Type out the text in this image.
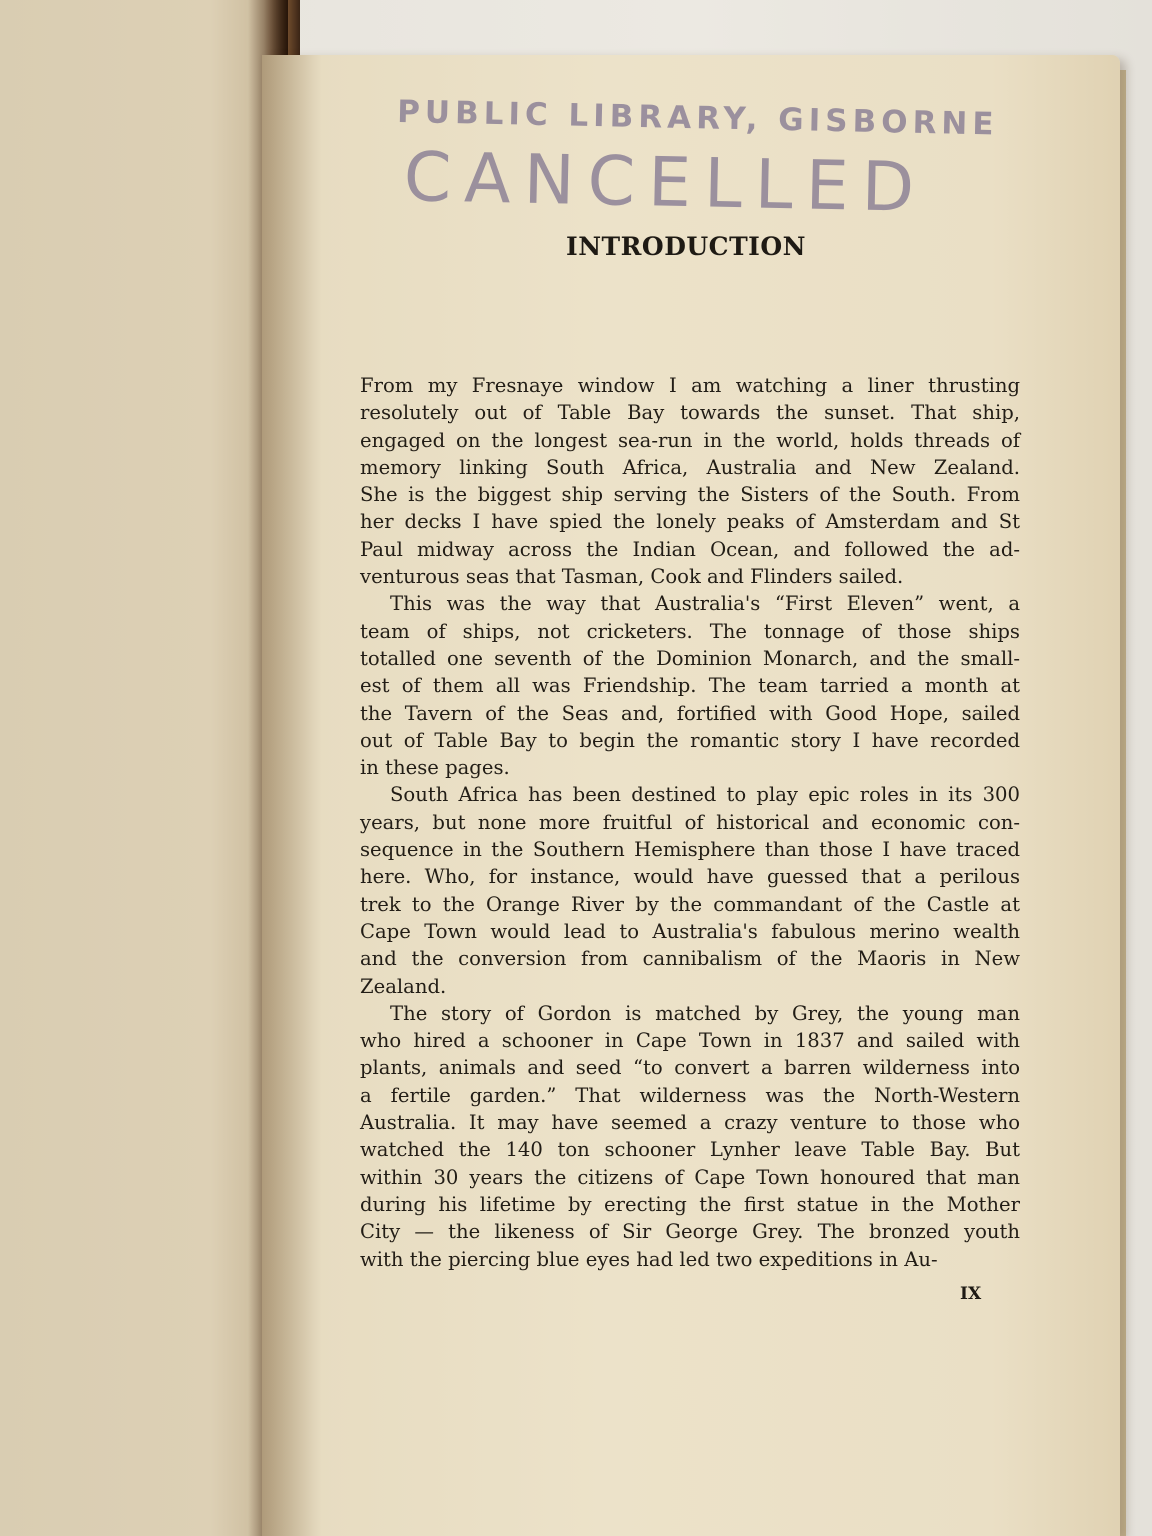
PUBLIC LIBRARY, GISBORNE
CANCELLED
INTRODUCTION
From my Fresnaye window I am watching a liner thrusting
resolutely out of Table Bay towards the sunset. That ship,
engaged on the longest sea-run in the world, holds threads of
memory linking South Africa, Australia and New Zealand.
She is the biggest ship serving the Sisters of the South. From
her decks I have spied the lonely peaks of Amsterdam and St
Paul midway across the Indian Ocean, and followed the ad-
venturous seas that Tasman, Cook and Flinders sailed.
This was the way that Australia's “First Eleven” went, a
team of ships, not cricketers. The tonnage of those ships
totalled one seventh of the Dominion Monarch, and the small-
est of them all was Friendship. The team tarried a month at
the Tavern of the Seas and, fortified with Good Hope, sailed
out of Table Bay to begin the romantic story I have recorded
in these pages.
South Africa has been destined to play epic roles in its 300
years, but none more fruitful of historical and economic con-
sequence in the Southern Hemisphere than those I have traced
here. Who, for instance, would have guessed that a perilous
trek to the Orange River by the commandant of the Castle at
Cape Town would lead to Australia's fabulous merino wealth
and the conversion from cannibalism of the Maoris in New
Zealand.
The story of Gordon is matched by Grey, the young man
who hired a schooner in Cape Town in 1837 and sailed with
plants, animals and seed “to convert a barren wilderness into
a fertile garden.” That wilderness was the North-Western
Australia. It may have seemed a crazy venture to those who
watched the 140 ton schooner Lynher leave Table Bay. But
within 30 years the citizens of Cape Town honoured that man
during his lifetime by erecting the first statue in the Mother
City — the likeness of Sir George Grey. The bronzed youth
with the piercing blue eyes had led two expeditions in Au-
IX
